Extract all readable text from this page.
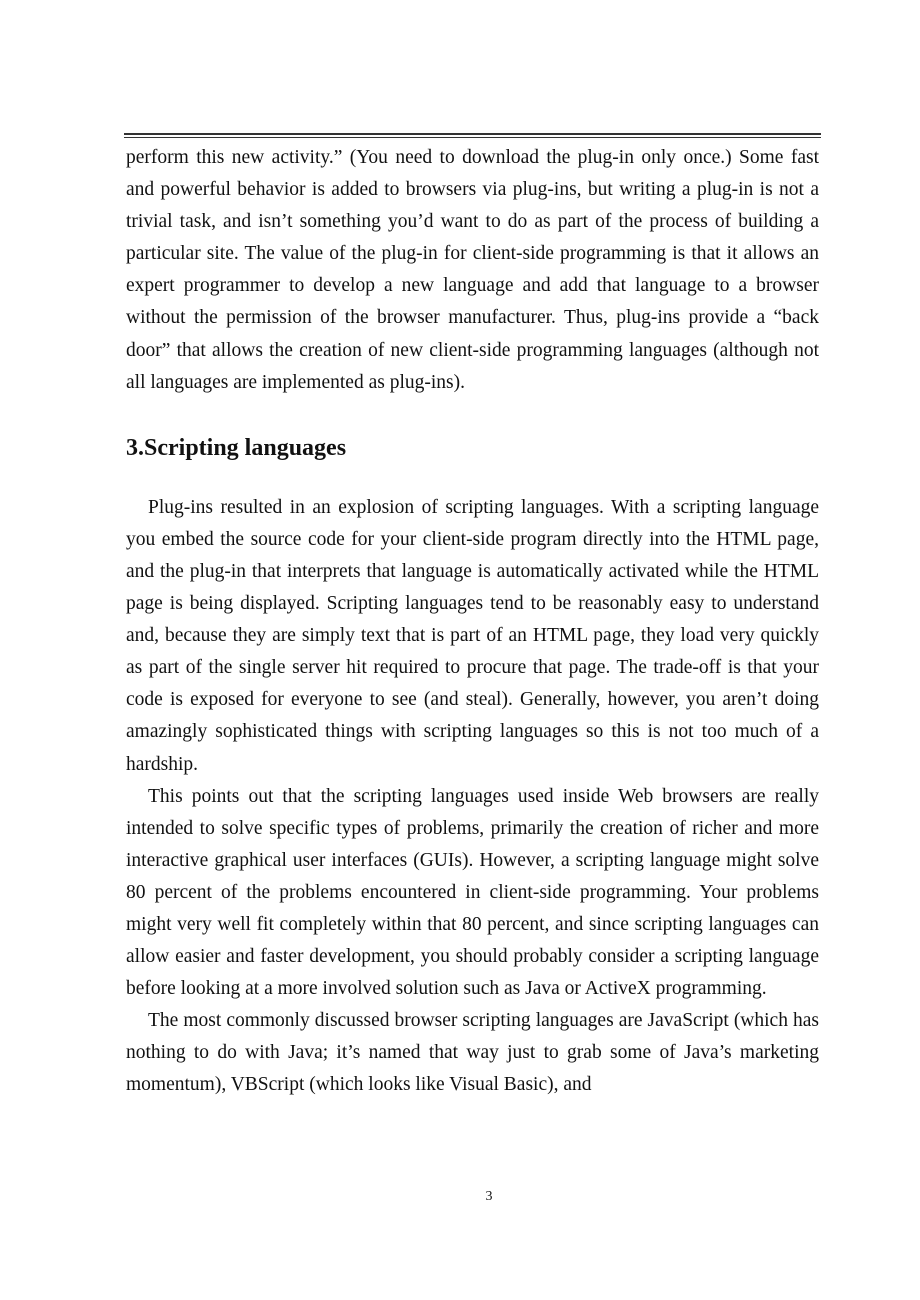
perform this new activity.” (You need to download the plug-in only once.) Some fast and powerful behavior is added to browsers via plug-ins, but writing a plug-in is not a trivial task, and isn’t something you’d want to do as part of the process of building a particular site. The value of the plug-in for client-side programming is that it allows an expert programmer to develop a new language and add that language to a browser without the permission of the browser manufacturer. Thus, plug-ins provide a “back door” that allows the creation of new client-side programming languages (although not all languages are implemented as plug-ins).

3.Scripting languages

Plug-ins resulted in an explosion of scripting languages. With a scripting language you embed the source code for your client-side program directly into the HTML page, and the plug-in that interprets that language is automatically activated while the HTML page is being displayed. Scripting languages tend to be reasonably easy to understand and, because they are simply text that is part of an HTML page, they load very quickly as part of the single server hit required to procure that page. The trade-off is that your code is exposed for everyone to see (and steal). Generally, however, you aren’t doing amazingly sophisticated things with scripting languages so this is not too much of a hardship.

This points out that the scripting languages used inside Web browsers are really intended to solve specific types of problems, primarily the creation of richer and more interactive graphical user interfaces (GUIs). However, a scripting language might solve 80 percent of the problems encountered in client-side programming. Your problems might very well fit completely within that 80 percent, and since scripting languages can allow easier and faster development, you should probably consider a scripting language before looking at a more involved solution such as Java or ActiveX programming.

The most commonly discussed browser scripting languages are JavaScript (which has nothing to do with Java; it’s named that way just to grab some of Java’s marketing momentum), VBScript (which looks like Visual Basic), and

3
